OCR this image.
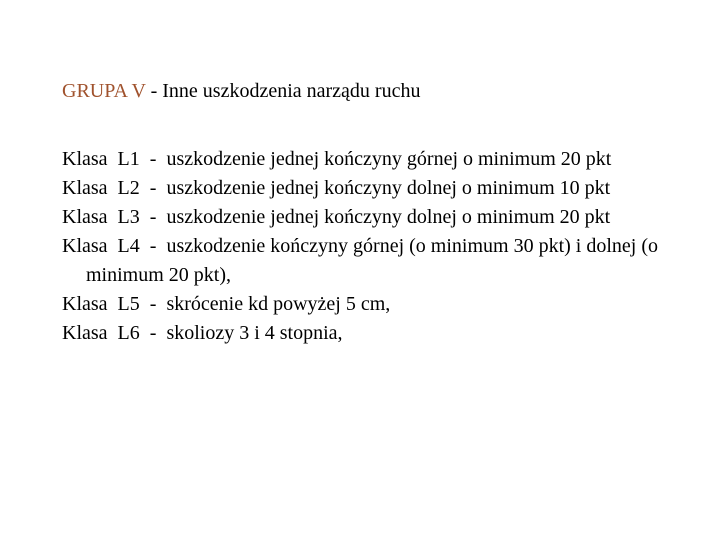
GRUPA V - Inne uszkodzenia narządu ruchu

Klasa  L1  -  uszkodzenie jednej kończyny górnej o minimum 20 pkt

Klasa  L2  -  uszkodzenie jednej kończyny dolnej o minimum 10 pkt

Klasa  L3  -  uszkodzenie jednej kończyny dolnej o minimum 20 pkt

Klasa  L4  -  uszkodzenie kończyny górnej (o minimum 30 pkt) i dolnej (o minimum 20 pkt),

Klasa  L5  -  skrócenie kd powyżej 5 cm,

Klasa  L6  -  skoliozy 3 i 4 stopnia,
